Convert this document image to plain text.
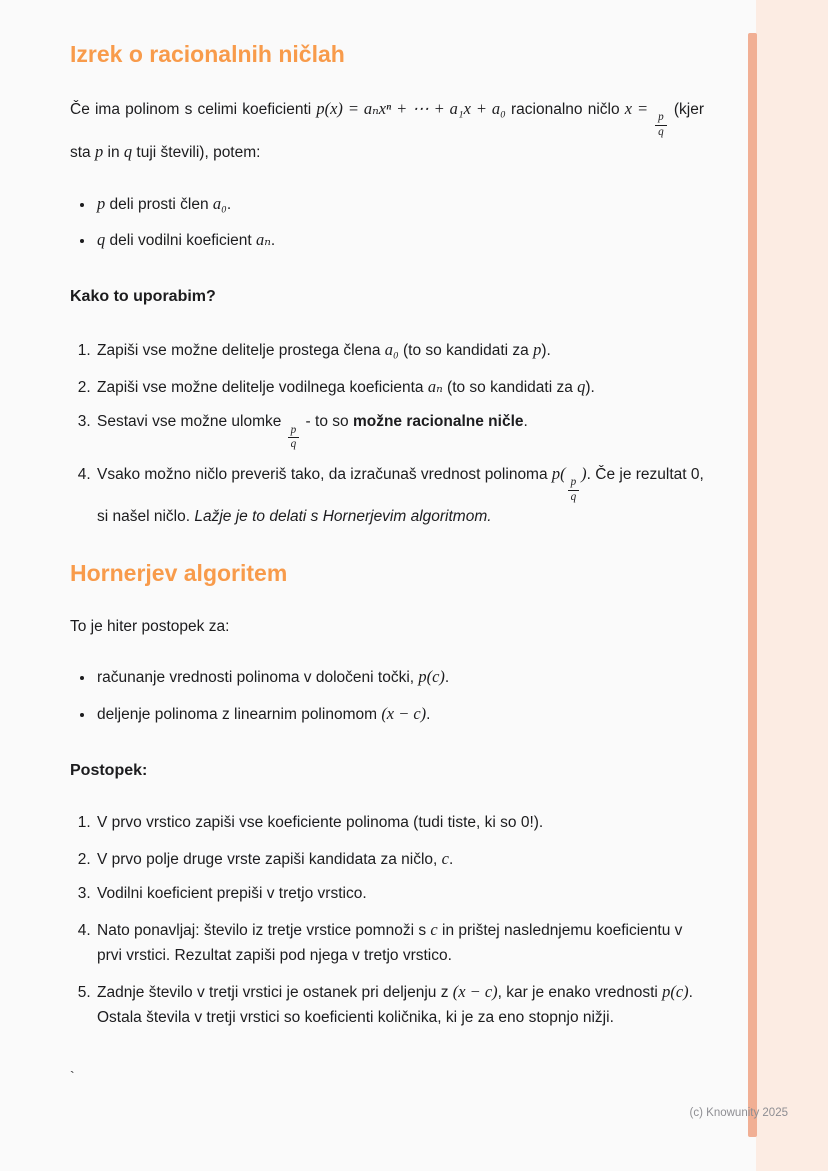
Izrek o racionalnih ničlah

Če ima polinom s celimi koeficienti p(x) = aₙxⁿ + ⋯ + a₁x + a₀ racionalno ničlo x =
$\frac{p}{q}$
(kjer sta p in q tuji števili), potem:

• p deli prosti člen a₀.
• q deli vodilni koeficient aₙ.
Kako to uporabim?
1. Zapiši vse možne delitelje prostega člena a₀ (to so kandidati za p).
2. Zapiši vse možne delitelje vodilnega koeficienta aₙ (to so kandidati za q).
3. Sestavi vse možne ulomke
$\frac{p}{q}$
- to so možne racionalne ničle.
4. Vsako možno ničlo preveriš tako, da izračunaš vrednost polinoma p(
$\frac{p}{q}$
). Če je rezultat 0, si našel ničlo. Lažje je to delati s Hornerjevim algoritmom.
Hornerjev algoritem

To je hiter postopek za:

• računanje vrednosti polinoma v določeni točki, p(c).
• deljenje polinoma z linearnim polinomom (x − c).
Postopek:
1. V prvo vrstico zapiši vse koeficiente polinoma (tudi tiste, ki so 0!).
2. V prvo polje druge vrste zapiši kandidata za ničlo, c.
3. Vodilni koeficient prepiši v tretjo vrstico.
4. Nato ponavljaj: število iz tretje vrstice pomnoži s c in prištej naslednjemu koeficientu v prvi vrstici. Rezultat zapiši pod njega v tretjo vrstico.
5. Zadnje število v tretji vrstici je ostanek pri deljenju z (x − c), kar je enako vrednosti p(c). Ostala števila v tretji vrstici so koeficienti količnika, ki je za eno stopnjo nižji.
`
(c) Knowunity 2025
